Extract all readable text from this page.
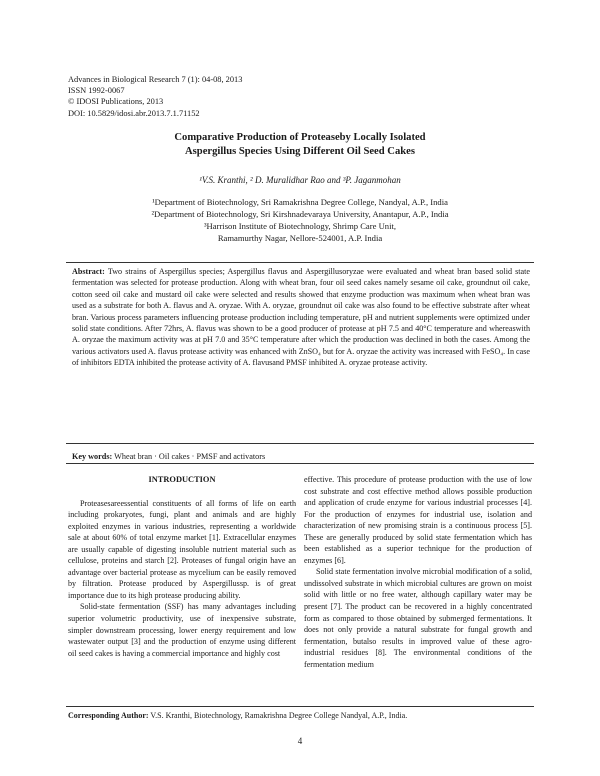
Advances in Biological Research 7 (1): 04-08, 2013
ISSN 1992-0067
© IDOSI Publications, 2013
DOI: 10.5829/idosi.abr.2013.7.1.71152
Comparative Production of Proteaseby Locally Isolated
Aspergillus Species Using Different Oil Seed Cakes
¹V.S. Kranthi, ² D. Muralidhar Rao and ³P. Jaganmohan
¹Department of Biotechnology, Sri Ramakrishna Degree College, Nandyal, A.P., India
²Department of Biotechnology, Sri Kirshnadevaraya University, Anantapur, A.P., India
³Harrison Institute of Biotechnology, Shrimp Care Unit,
Ramamurthy Nagar, Nellore-524001, A.P. India
Abstract: Two strains of Aspergillus species; Aspergillus flavus and Aspergillusoryzae were evaluated and wheat bran based solid state fermentation was selected for protease production. Along with wheat bran, four oil seed cakes namely sesame oil cake, groundnut oil cake, cotton seed oil cake and mustard oil cake were selected and results showed that enzyme production was maximum when wheat bran was used as a substrate for both A. flavus and A. oryzae. With A. oryzae, groundnut oil cake was also found to be effective substrate after wheat bran. Various process parameters influencing protease production including temperature, pH and nutrient supplements were optimized under solid state conditions. After 72hrs, A. flavus was shown to be a good producer of protease at pH 7.5 and 40°C temperature and whereaswith A. oryzae the maximum activity was at pH 7.0 and 35°C temperature after which the production was declined in both the cases. Among the various activators used A. flavus protease activity was enhanced with ZnSO₄ but for A. oryzae the activity was increased with FeSO₄. In case of inhibitors EDTA inhibited the protease activity of A. flavusand PMSF inhibited A. oryzae protease activity.
Key words: Wheat bran · Oil cakes · PMSF and activators
INTRODUCTION

Proteasesareessential constituents of all forms of life on earth including prokaryotes, fungi, plant and animals and are highly exploited enzymes in various industries, representing a worldwide sale at about 60% of total enzyme market [1]. Extracellular enzymes are usually capable of digesting insoluble nutrient material such as cellulose, proteins and starch [2]. Proteases of fungal origin have an advantage over bacterial protease as mycelium can be easily removed by filtration. Protease produced by Aspergillussp. is of great importance due to its high protease producing ability.

Solid-state fermentation (SSF) has many advantages including superior volumetric productivity, use of inexpensive substrate, simpler downstream processing, lower energy requirement and low wastewater output [3] and the production of enzyme using different oil seed cakes is having a commercial importance and highly cost

effective. This procedure of protease production with the use of low cost substrate and cost effective method allows possible production and application of crude enzyme for various industrial processes [4]. For the production of enzymes for industrial use, isolation and characterization of new promising strain is a continuous process [5]. These are generally produced by solid state fermentation which has been established as a superior technique for the production of enzymes [6].

Solid state fermentation involve microbial modification of a solid, undissolved substrate in which microbial cultures are grown on moist solid with little or no free water, although capillary water may be present [7]. The product can be recovered in a highly concentrated form as compared to those obtained by submerged fermentations. It does not only provide a natural substrate for fungal growth and fermentation, butalso results in improved value of these agro-industrial residues [8]. The environmental conditions of the fermentation medium

Corresponding Author: V.S. Kranthi, Biotechnology, Ramakrishna Degree College Nandyal, A.P., India.
4
